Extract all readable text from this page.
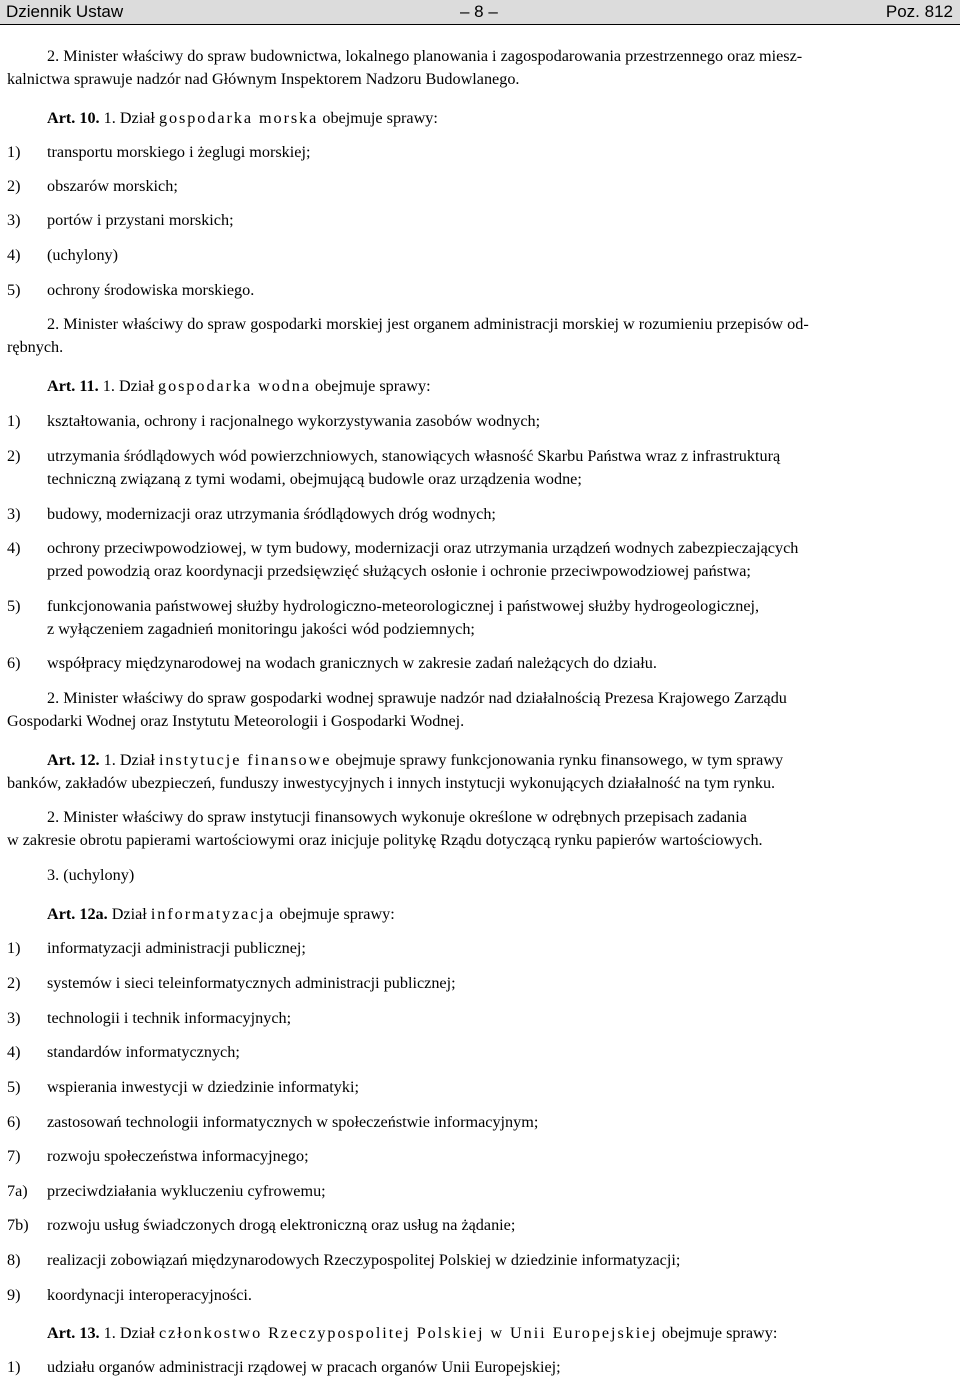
Dziennik Ustaw	– 8 –	Poz. 812
2. Minister właściwy do spraw budownictwa, lokalnego planowania i zagospodarowania przestrzennego oraz miesz-
kalnictwa sprawuje nadzór nad Głównym Inspektorem Nadzoru Budowlanego.
Art. 10. 1. Dział gospodarka morska obejmuje sprawy:
1) transportu morskiego i żeglugi morskiej;
2) obszarów morskich;
3) portów i przystani morskich;
4) (uchylony)
5) ochrony środowiska morskiego.
2. Minister właściwy do spraw gospodarki morskiej jest organem administracji morskiej w rozumieniu przepisów od-
rębnych.
Art. 11. 1. Dział gospodarka wodna obejmuje sprawy:
1) kształtowania, ochrony i racjonalnego wykorzystywania zasobów wodnych;
2) utrzymania śródlądowych wód powierzchniowych, stanowiących własność Skarbu Państwa wraz z infrastrukturą
techniczną związaną z tymi wodami, obejmującą budowle oraz urządzenia wodne;
3) budowy, modernizacji oraz utrzymania śródlądowych dróg wodnych;
4) ochrony przeciwpowodziowej, w tym budowy, modernizacji oraz utrzymania urządzeń wodnych zabezpieczających
przed powodzią oraz koordynacji przedsięwzięć służących osłonie i ochronie przeciwpowodziowej państwa;
5) funkcjonowania państwowej służby hydrologiczno-meteorologicznej i państwowej służby hydrogeologicznej,
z wyłączeniem zagadnień monitoringu jakości wód podziemnych;
6) współpracy międzynarodowej na wodach granicznych w zakresie zadań należących do działu.
2. Minister właściwy do spraw gospodarki wodnej sprawuje nadzór nad działalnością Prezesa Krajowego Zarządu
Gospodarki Wodnej oraz Instytutu Meteorologii i Gospodarki Wodnej.
Art. 12. 1. Dział instytucje finansowe obejmuje sprawy funkcjonowania rynku finansowego, w tym sprawy
banków, zakładów ubezpieczeń, funduszy inwestycyjnych i innych instytucji wykonujących działalność na tym rynku.
2. Minister właściwy do spraw instytucji finansowych wykonuje określone w odrębnych przepisach zadania
w zakresie obrotu papierami wartościowymi oraz inicjuje politykę Rządu dotyczącą rynku papierów wartościowych.
3. (uchylony)
Art. 12a. Dział informatyzacja obejmuje sprawy:
1) informatyzacji administracji publicznej;
2) systemów i sieci teleinformatycznych administracji publicznej;
3) technologii i technik informacyjnych;
4) standardów informatycznych;
5) wspierania inwestycji w dziedzinie informatyki;
6) zastosowań technologii informatycznych w społeczeństwie informacyjnym;
7) rozwoju społeczeństwa informacyjnego;
7a) przeciwdziałania wykluczeniu cyfrowemu;
7b) rozwoju usług świadczonych drogą elektroniczną oraz usług na żądanie;
8) realizacji zobowiązań międzynarodowych Rzeczypospolitej Polskiej w dziedzinie informatyzacji;
9) koordynacji interoperacyjności.
Art. 13. 1. Dział członkostwo Rzeczypospolitej Polskiej w Unii Europejskiej obejmuje sprawy:
1) udziału organów administracji rządowej w pracach organów Unii Europejskiej;
